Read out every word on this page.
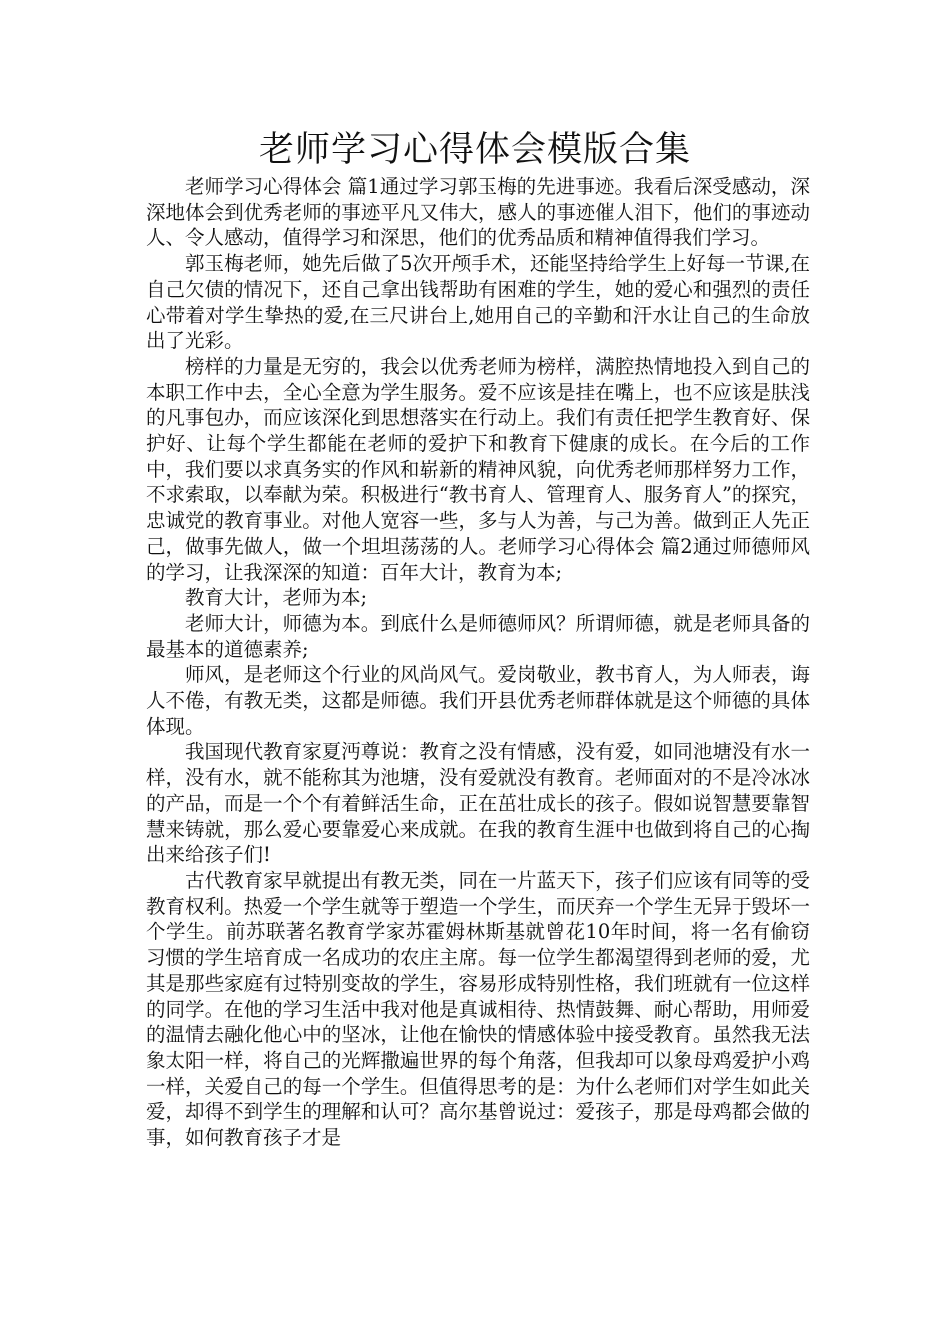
老师学习心得体会模版合集

老师学习心得体会 篇1通过学习郭玉梅的先进事迹。我看后深受感动，深深地体会到优秀老师的事迹平凡又伟大，感人的事迹催人泪下，他们的事迹动人、令人感动，值得学习和深思，他们的优秀品质和精神值得我们学习。

郭玉梅老师，她先后做了5次开颅手术，还能坚持给学生上好每一节课,在自己欠债的情况下，还自己拿出钱帮助有困难的学生，她的爱心和强烈的责任心带着对学生挚热的爱,在三尺讲台上,她用自己的辛勤和汗水让自己的生命放出了光彩。

榜样的力量是无穷的，我会以优秀老师为榜样，满腔热情地投入到自己的本职工作中去，全心全意为学生服务。爱不应该是挂在嘴上，也不应该是肤浅的凡事包办，而应该深化到思想落实在行动上。我们有责任把学生教育好、保护好、让每个学生都能在老师的爱护下和教育下健康的成长。在今后的工作中，我们要以求真务实的作风和崭新的精神风貌，向优秀老师那样努力工作，不求索取，以奉献为荣。积极进行“教书育人、管理育人、服务育人”的探究，忠诚党的教育事业。对他人宽容一些，多与人为善，与己为善。做到正人先正己，做事先做人，做一个坦坦荡荡的人。老师学习心得体会 篇2通过师德师风的学习，让我深深的知道：百年大计，教育为本;

教育大计，老师为本;

老师大计，师德为本。到底什么是师德师风？所谓师德，就是老师具备的最基本的道德素养;

师风，是老师这个行业的风尚风气。爱岗敬业，教书育人，为人师表，诲人不倦，有教无类，这都是师德。我们开县优秀老师群体就是这个师德的具体体现。

我国现代教育家夏沔尊说：教育之没有情感，没有爱，如同池塘没有水一样，没有水，就不能称其为池塘，没有爱就没有教育。老师面对的不是冷冰冰的产品，而是一个个有着鲜活生命，正在茁壮成长的孩子。假如说智慧要靠智慧来铸就，那么爱心要靠爱心来成就。在我的教育生涯中也做到将自己的心掏出来给孩子们!

古代教育家早就提出有教无类，同在一片蓝天下，孩子们应该有同等的受教育权利。热爱一个学生就等于塑造一个学生，而厌弃一个学生无异于毁坏一个学生。前苏联著名教育学家苏霍姆林斯基就曾花10年时间，将一名有偷窃习惯的学生培育成一名成功的农庄主席。每一位学生都渴望得到老师的爱，尤其是那些家庭有过特别变故的学生，容易形成特别性格，我们班就有一位这样的同学。在他的学习生活中我对他是真诚相待、热情鼓舞、耐心帮助，用师爱的温情去融化他心中的坚冰，让他在愉快的情感体验中接受教育。虽然我无法象太阳一样，将自己的光辉撒遍世界的每个角落，但我却可以象母鸡爱护小鸡一样，关爱自己的每一个学生。但值得思考的是：为什么老师们对学生如此关爱，却得不到学生的理解和认可？高尔基曾说过：爱孩子，那是母鸡都会做的事，如何教育孩子才是
